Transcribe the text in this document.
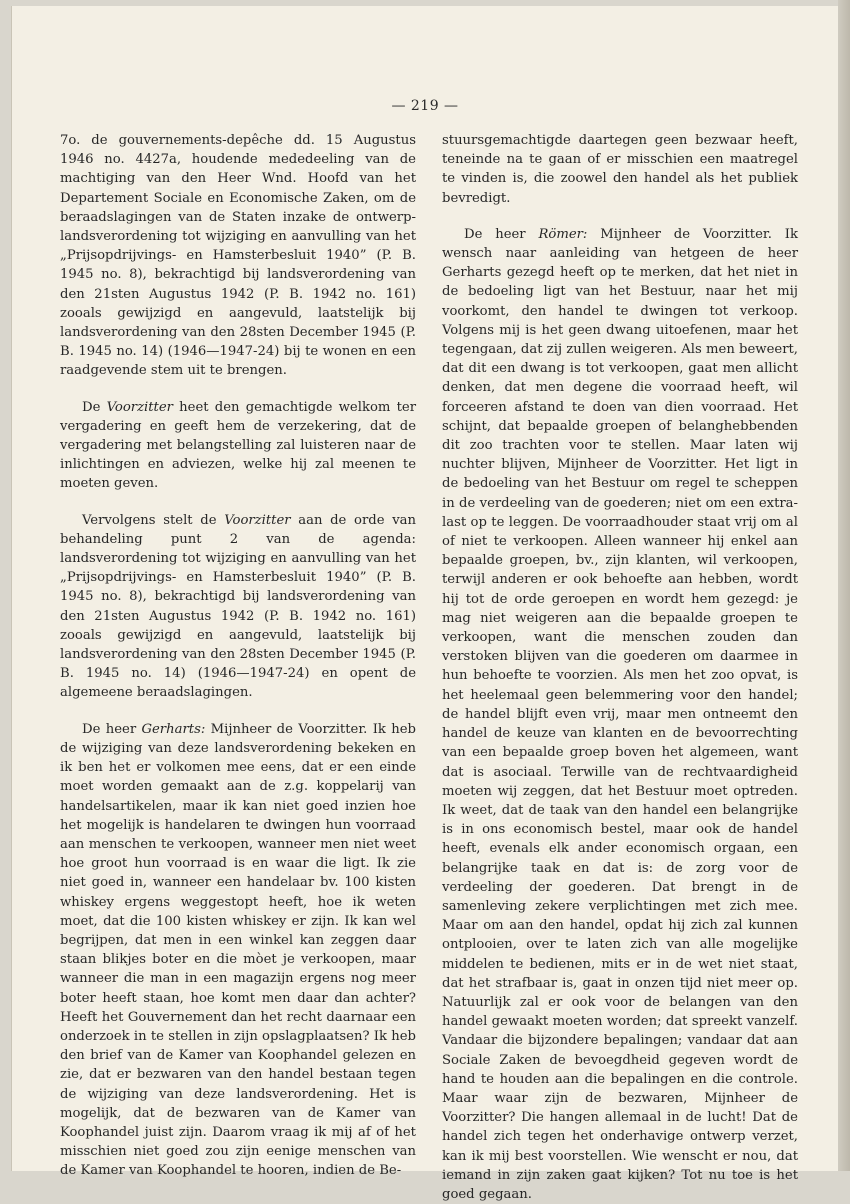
— 219 —

7o. de gouvernements-depêche dd. 15 Augustus 1946 no. 4427a, houdende mededeeling van de machtiging van den Heer Wnd. Hoofd van het Departement Sociale en Economische Zaken, om de beraadslagingen van de Staten inzake de ontwerp-landsverordening tot wijziging en aanvulling van het „Prijsopdrijvings- en Hamsterbesluit 1940” (P. B. 1945 no. 8), bekrachtigd bij landsverordening van den 21sten Augustus 1942 (P. B. 1942 no. 161) zooals gewijzigd en aangevuld, laatstelijk bij landsverordening van den 28sten December 1945 (P. B. 1945 no. 14) (1946—1947-24) bij te wonen en een raadgevende stem uit te brengen.

De Voorzitter heet den gemachtigde welkom ter vergadering en geeft hem de verzekering, dat de vergadering met belangstelling zal luisteren naar de inlichtingen en adviezen, welke hij zal meenen te moeten geven.

Vervolgens stelt de Voorzitter aan de orde van behandeling punt 2 van de agenda: landsverordening tot wijziging en aanvulling van het „Prijsopdrijvings- en Hamsterbesluit 1940” (P. B. 1945 no. 8), bekrachtigd bij landsverordening van den 21sten Augustus 1942 (P. B. 1942 no. 161) zooals gewijzigd en aangevuld, laatstelijk bij landsverordening van den 28sten December 1945 (P. B. 1945 no. 14) (1946—1947-24) en opent de algemeene beraadslagingen.

De heer Gerharts: Mijnheer de Voorzitter. Ik heb de wijziging van deze landsverordening bekeken en ik ben het er volkomen mee eens, dat er een einde moet worden gemaakt aan de z.g. koppelarij van handelsartikelen, maar ik kan niet goed inzien hoe het mogelijk is handelaren te dwingen hun voorraad aan menschen te verkoopen, wanneer men niet weet hoe groot hun voorraad is en waar die ligt. Ik zie niet goed in, wanneer een handelaar bv. 100 kisten whiskey ergens weggestopt heeft, hoe ik weten moet, dat die 100 kisten whiskey er zijn. Ik kan wel begrijpen, dat men in een winkel kan zeggen daar staan blikjes boter en die mòet je verkoopen, maar wanneer die man in een magazijn ergens nog meer boter heeft staan, hoe komt men daar dan achter? Heeft het Gouvernement dan het recht daarnaar een onderzoek in te stellen in zijn opslagplaatsen? Ik heb den brief van de Kamer van Koophandel gelezen en zie, dat er bezwaren van den handel bestaan tegen de wijziging van deze landsverordening. Het is mogelijk, dat de bezwaren van de Kamer van Koophandel juist zijn. Daarom vraag ik mij af of het misschien niet goed zou zijn eenige menschen van de Kamer van Koophandel te hooren, indien de Be-

stuursgemachtigde daartegen geen bezwaar heeft, teneinde na te gaan of er misschien een maatregel te vinden is, die zoowel den handel als het publiek bevredigt.

De heer Römer: Mijnheer de Voorzitter. Ik wensch naar aanleiding van hetgeen de heer Gerharts gezegd heeft op te merken, dat het niet in de bedoeling ligt van het Bestuur, naar het mij voorkomt, den handel te dwingen tot verkoop. Volgens mij is het geen dwang uitoefenen, maar het tegengaan, dat zij zullen weigeren. Als men beweert, dat dit een dwang is tot verkoopen, gaat men allicht denken, dat men degene die voorraad heeft, wil forceeren afstand te doen van dien voorraad. Het schijnt, dat bepaalde groepen of belanghebbenden dit zoo trachten voor te stellen. Maar laten wij nuchter blijven, Mijnheer de Voorzitter. Het ligt in de bedoeling van het Bestuur om regel te scheppen in de verdeeling van de goederen; niet om een extra-last op te leggen. De voorraadhouder staat vrij om al of niet te verkoopen. Alleen wanneer hij enkel aan bepaalde groepen, bv., zijn klanten, wil verkoopen, terwijl anderen er ook behoefte aan hebben, wordt hij tot de orde geroepen en wordt hem gezegd: je mag niet weigeren aan die bepaalde groepen te verkoopen, want die menschen zouden dan verstoken blijven van die goederen om daarmee in hun behoefte te voorzien. Als men het zoo opvat, is het heelemaal geen belemmering voor den handel; de handel blijft even vrij, maar men ontneemt den handel de keuze van klanten en de bevoorrechting van een bepaalde groep boven het algemeen, want dat is asociaal. Terwille van de rechtvaardigheid moeten wij zeggen, dat het Bestuur moet optreden. Ik weet, dat de taak van den handel een belangrijke is in ons economisch bestel, maar ook de handel heeft, evenals elk ander economisch orgaan, een belangrijke taak en dat is: de zorg voor de verdeeling der goederen. Dat brengt in de samenleving zekere verplichtingen met zich mee. Maar om aan den handel, opdat hij zich zal kunnen ontplooien, over te laten zich van alle mogelijke middelen te bedienen, mits er in de wet niet staat, dat het strafbaar is, gaat in onzen tijd niet meer op. Natuurlijk zal er ook voor de belangen van den handel gewaakt moeten worden; dat spreekt vanzelf. Vandaar die bijzondere bepalingen; vandaar dat aan Sociale Zaken de bevoegdheid gegeven wordt de hand te houden aan die bepalingen en die controle. Maar waar zijn de bezwaren, Mijnheer de Voorzitter? Die hangen allemaal in de lucht! Dat de handel zich tegen het onderhavige ontwerp verzet, kan ik mij best voorstellen. Wie wenscht er nou, dat iemand in zijn zaken gaat kijken? Tot nu toe is het goed gegaan.
